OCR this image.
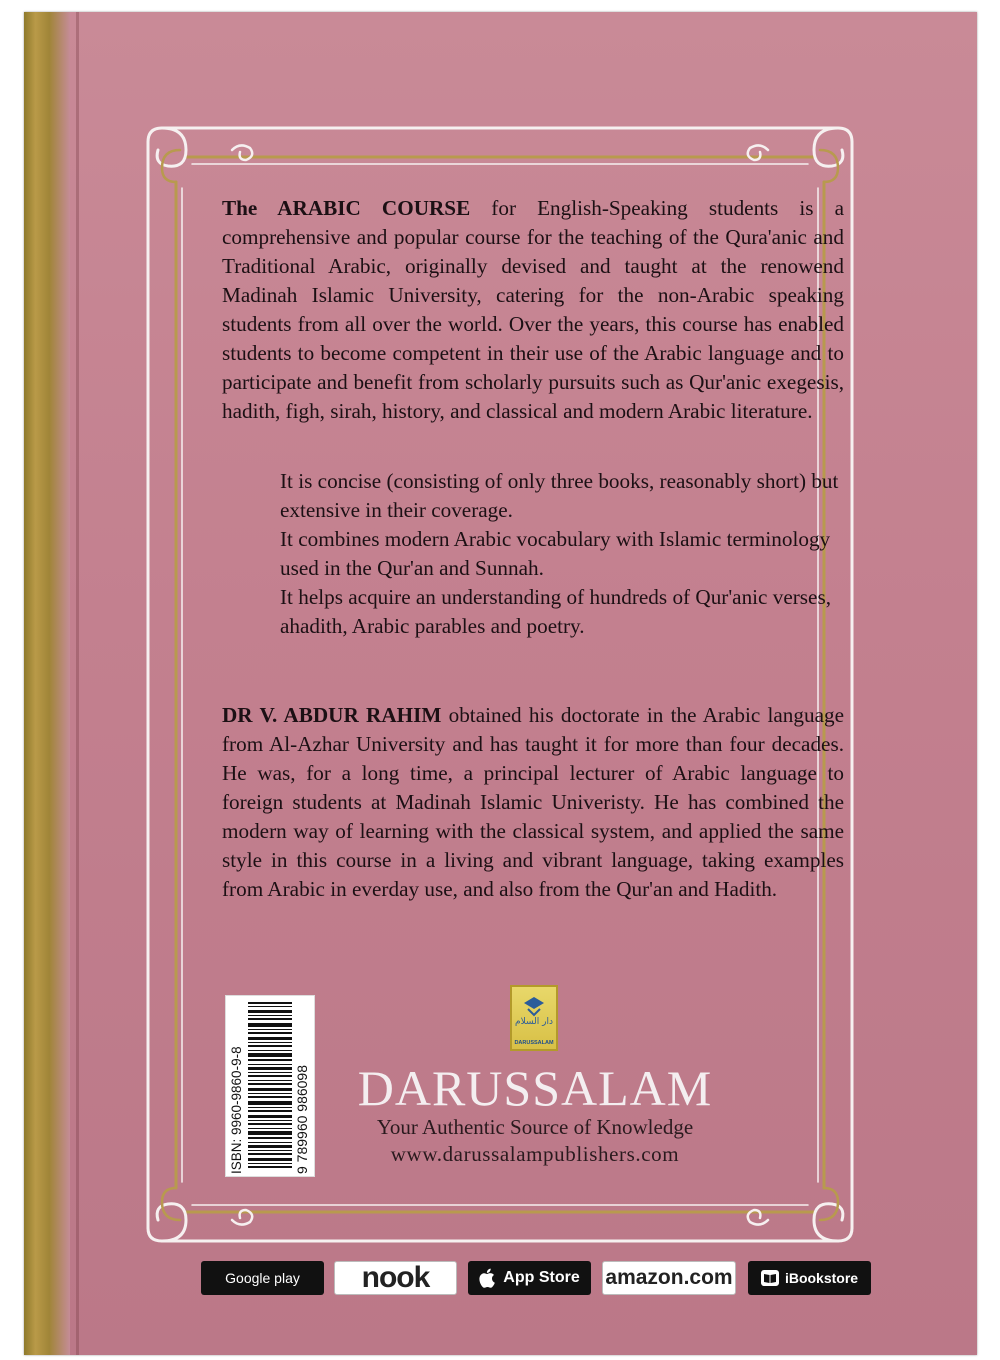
The ARABIC COURSE for English-Speaking students is a comprehensive and popular course for the teaching of the Qura'anic and Traditional Arabic, originally devised and taught at the renowend Madinah Islamic University, catering for the non-Arabic speaking students from all over the world. Over the years, this course has enabled students to become competent in their use of the Arabic language and to participate and benefit from scholarly pursuits such as Qur'anic exegesis, hadith, figh, sirah, history, and classical and modern Arabic literature.

It is concise (consisting of only three books, reasonably short) but extensive in their coverage.
It combines modern Arabic vocabulary with Islamic terminology used in the Qur'an and Sunnah.
It helps acquire an understanding of hundreds of Qur'anic verses, ahadith, Arabic parables and poetry.

DR V. ABDUR RAHIM obtained his doctorate in the Arabic language from Al-Azhar University and has taught it for more than four decades. He was, for a long time, a principal lecturer of Arabic language to foreign students at Madinah Islamic Univeristy. He has combined the modern way of learning with the classical system, and applied the same style in this course in a living and vibrant language, taking examples from Arabic in everday use, and also from the Qur'an and Hadith.

ISBN: 9960-9860-9-8	9 789960 986098
دار السلام
DARUSSALAM
DARUSSALAM
Your Authentic Source of Knowledge
www.darussalampublishers.com
Google play nook	App Store amazon.com	iBookstore
